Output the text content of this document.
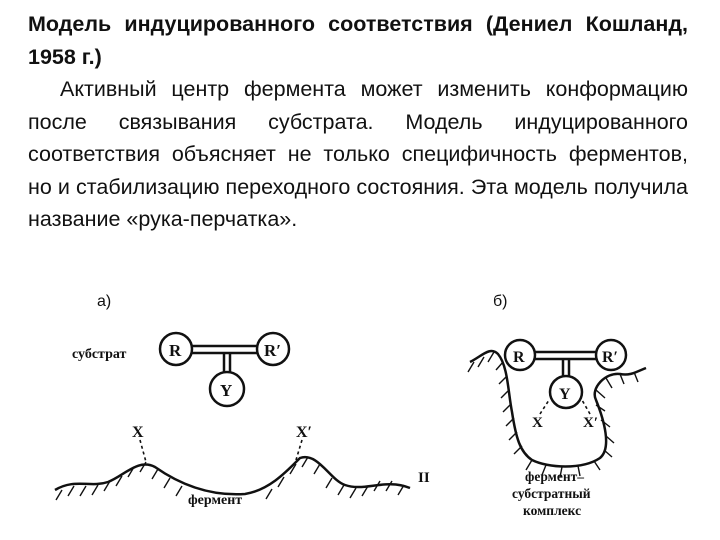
Модель индуцированного соответствия (Дениел Кошланд, 1958 г.)
Активный центр фермента может изменить конформацию после связывания субстрата. Модель индуцированного соответствия объясняет не только специфичность ферментов, но и стабилизацию переходного состояния. Эта модель получила название «рука-перчатка».
а)	б)
субстрат	R	R′
Y
X	X′
фермент
II
R	R′
Y
X	X′
фермент–
субстратный
комплекс
